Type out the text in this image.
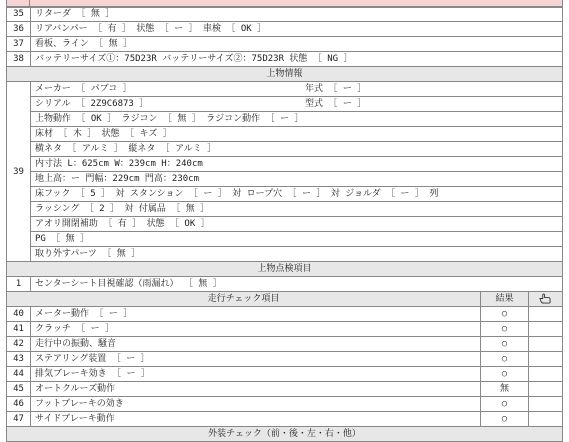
35	リターダ ［ 無 ］		
36	リアバンパー ［ 有 ］ 状態 ［ ー ］ 車検 ［ OK ］		
37	看板、ライン ［ 無 ］		
38	バッテリーサイズ①：75D23R バッテリーサイズ②：75D23R 状態 ［ NG ］		
上物情報			
39	メーカー ［ パブコ ］ 年式 ［ ー ］		
	シリアル ［ 2Z9C6873 ］ 型式 ［ ー ］		
	上物動作 ［ OK ］ ラジコン ［ 無 ］ ラジコン動作 ［ ー ］		
	床材 ［ 木 ］ 状態 ［ キズ ］		
	横ネタ ［ アルミ ］ 縦ネタ ［ アルミ ］		
	内寸法 L：625cm W：239cm H：240cm		
	地上高：ー 門幅：229cm 門高：230cm		
	床フック ［ 5 ］ 対 スタンション ［ ー ］ 対 ロープ穴 ［ ー ］ 対 ジョルダ ［ ー ］ 列		
	ラッシング ［ 2 ］ 対 付属品 ［ 無 ］		
	アオリ開閉補助 ［ 有 ］ 状態 ［ OK ］		
	PG ［ 無 ］		
	取り外すパーツ ［ 無 ］		

上物点検項目			
1	センターシート目視確認（雨漏れ） ［ 無 ］		
走行チェック項目		結果	
40	メーター動作 ［ ー ］	○	
41	クラッチ ［ ー ］	○	
42	走行中の振動、騒音	○	
43	ステアリング装置 ［ ー ］	○	
44	排気ブレーキ効き ［ ー ］	○	
45	オートクルーズ動作	無	
46	フットブレーキの効き	○	
47	サイドブレーキ動作	○	
外装チェック（前・後・左・右・他）			
